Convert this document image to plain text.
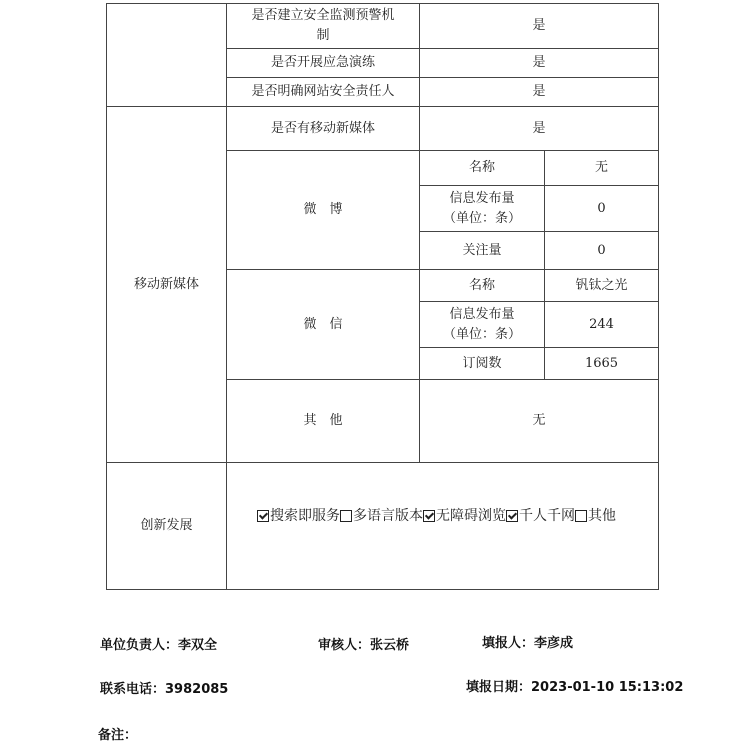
	是否建立安全监测预警机制	是	
	是否开展应急演练	是	
	是否明确网站安全责任人	是	
移动新媒体	是否有移动新媒体	是	
	微　博	名称	无
		信息发布量（单位：条）	0
		关注量	0
	微　信	名称	钒钛之光
		信息发布量（单位：条）	244
		订阅数	1665
	其　他	无	
创新发展	搜索即服务 多语言版本 无障碍浏览 千人千网 其他		
单位负责人：李双全	审核人：张云桥	填报人：李彦成
联系电话：3982085	填报日期：2023-01-10 15:13:02
备注：
